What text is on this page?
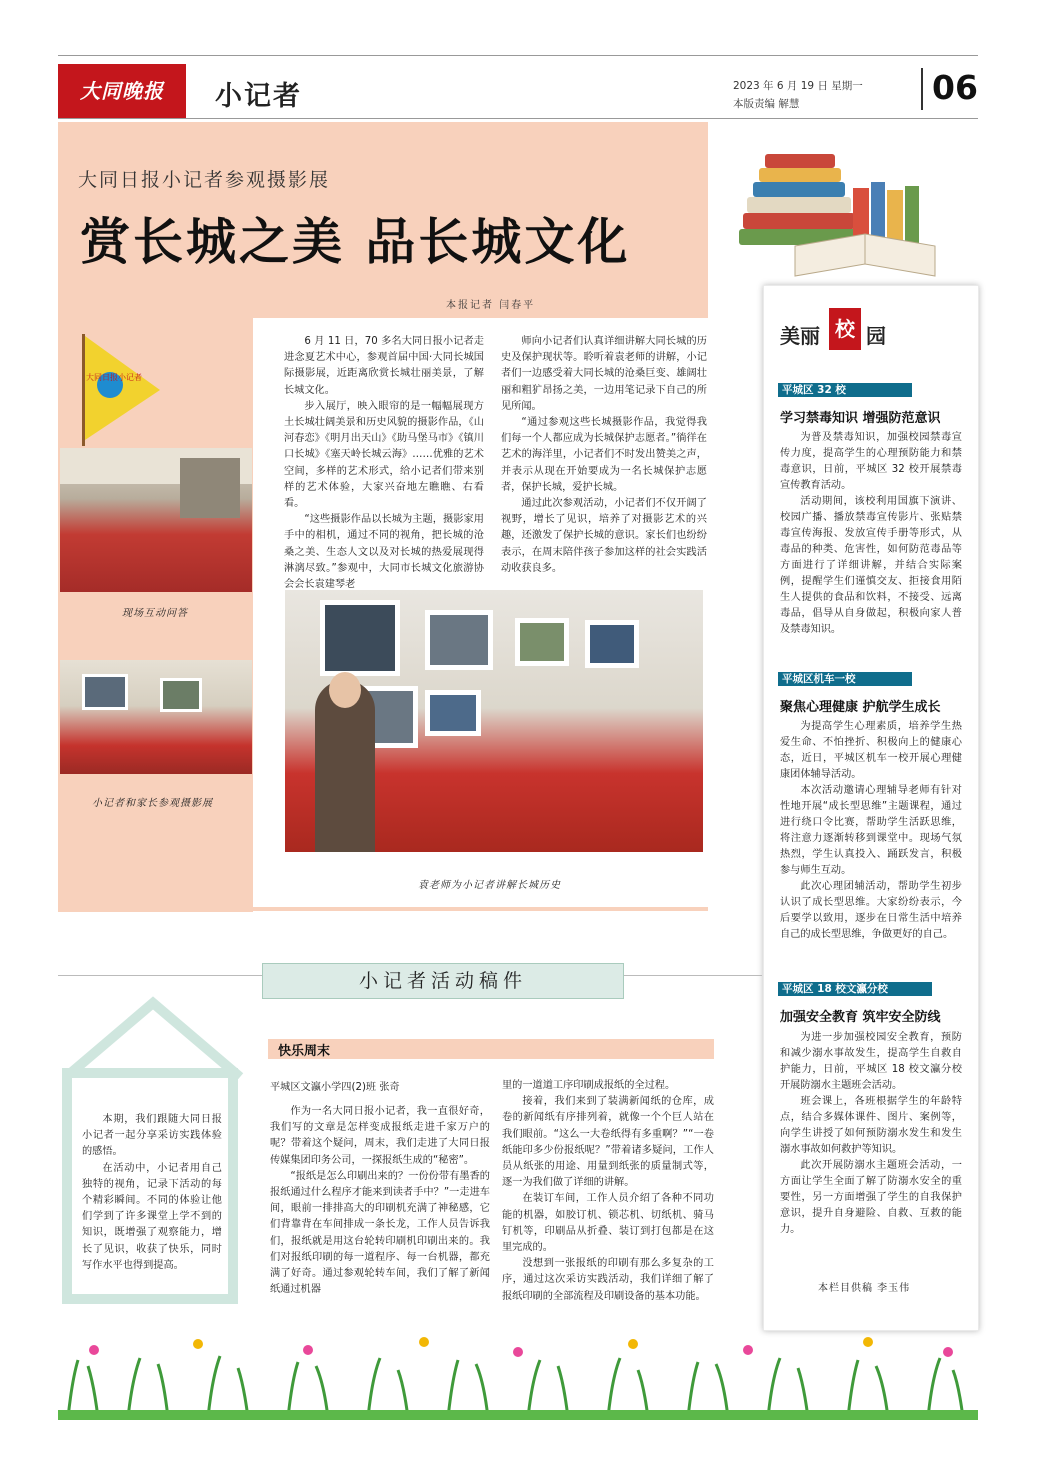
大同晚报	小记者	2023 年 6 月 19 日 星期一
本版责编 解慧	06
大同日报小记者参观摄影展
赏长城之美 品长城文化
本报记者 闫春平
大同日报小记者
现场互动问答
小记者和家长参观摄影展

6 月 11 日，70 多名大同日报小记者走进念夏艺术中心，参观首届中国·大同长城国际摄影展，近距离欣赏长城壮丽美景，了解长城文化。

步入展厅，映入眼帘的是一幅幅展现方土长城壮阔美景和历史风貌的摄影作品，《山河春恋》《明月出天山》《助马堡马市》《镇川口长城》《塞天岭长城云海》……优雅的艺术空间，多样的艺术形式，给小记者们带来别样的艺术体验，大家兴奋地左瞧瞧、右看看。

“这些摄影作品以长城为主题，摄影家用手中的相机，通过不同的视角，把长城的沧桑之美、生态人文以及对长城的热爱展现得淋漓尽致。”参观中，大同市长城文化旅游协会会长袁建琴老

师向小记者们认真详细讲解大同长城的历史及保护现状等。聆听着袁老师的讲解，小记者们一边感受着大同长城的沧桑巨变、雄阔壮丽和粗犷昂扬之美，一边用笔记录下自己的所见所闻。

“通过参观这些长城摄影作品，我觉得我们每一个人都应成为长城保护志愿者。”徜徉在艺术的海洋里，小记者们不时发出赞美之声，并表示从现在开始要成为一名长城保护志愿者，保护长城，爱护长城。

通过此次参观活动，小记者们不仅开阔了视野，增长了见识，培养了对摄影艺术的兴趣，还激发了保护长城的意识。家长们也纷纷表示，在周末陪伴孩子参加这样的社会实践活动收获良多。

袁老师为小记者讲解长城历史
美丽 校 园
平城区 32 校
学习禁毒知识 增强防范意识

为普及禁毒知识，加强校园禁毒宣传力度，提高学生的心理预防能力和禁毒意识，日前，平城区 32 校开展禁毒宣传教育活动。

活动期间，该校利用国旗下演讲、校园广播、播放禁毒宣传影片、张贴禁毒宣传海报、发放宣传手册等形式，从毒品的种类、危害性，如何防范毒品等方面进行了详细讲解，并结合实际案例，提醒学生们谨慎交友、拒接食用陌生人提供的食品和饮料，不接受、远离毒品，倡导从自身做起，积极向家人普及禁毒知识。

平城区机车一校
聚焦心理健康 护航学生成长

为提高学生心理素质，培养学生热爱生命、不怕挫折、积极向上的健康心态，近日，平城区机车一校开展心理健康团体辅导活动。

本次活动邀请心理辅导老师有针对性地开展“成长型思维”主题课程，通过进行绕口令比赛，帮助学生活跃思维，将注意力逐渐转移到课堂中。现场气氛热烈，学生认真投入、踊跃发言，积极参与师生互动。

此次心理团辅活动，帮助学生初步认识了成长型思维。大家纷纷表示，今后要学以致用，逐步在日常生活中培养自己的成长型思维，争做更好的自己。

平城区 18 校文瀛分校
加强安全教育 筑牢安全防线

为进一步加强校园安全教育，预防和减少溺水事故发生，提高学生自救自护能力，日前，平城区 18 校文瀛分校开展防溺水主题班会活动。

班会课上，各班根据学生的年龄特点，结合多媒体课件、图片、案例等，向学生讲授了如何预防溺水发生和发生溺水事故如何救护等知识。

此次开展防溺水主题班会活动，一方面让学生全面了解了防溺水安全的重要性，另一方面增强了学生的自我保护意识，提升自身避险、自救、互救的能力。

本栏目供稿 李玉伟
小记者活动稿件

本期，我们跟随大同日报小记者一起分享采访实践体验的感悟。

在活动中，小记者用自己独特的视角，记录下活动的每个精彩瞬间。不同的体验让他们学到了许多课堂上学不到的知识，既增强了观察能力，增长了见识，收获了快乐，同时写作水平也得到提高。

快乐周末
平城区文瀛小学四(2)班 张奇

作为一名大同日报小记者，我一直很好奇，我们写的文章是怎样变成报纸走进千家万户的呢？带着这个疑问，周末，我们走进了大同日报传媒集团印务公司，一探报纸生成的“秘密”。

“报纸是怎么印刷出来的？一份份带有墨香的报纸通过什么程序才能来到读者手中？”一走进车间，眼前一排排高大的印刷机充满了神秘感，它们背靠背在车间排成一条长龙，工作人员告诉我们，报纸就是用这台轮转印刷机印刷出来的。我们对报纸印刷的每一道程序、每一台机器，都充满了好奇。通过参观轮转车间，我们了解了新闻纸通过机器

里的一道道工序印刷成报纸的全过程。

接着，我们来到了装满新闻纸的仓库，成卷的新闻纸有序排列着，就像一个个巨人站在我们眼前。“这么一大卷纸得有多重啊？”“一卷纸能印多少份报纸呢？”带着诸多疑问，工作人员从纸张的用途、用量到纸张的质量制式等，逐一为我们做了详细的讲解。

在装订车间，工作人员介绍了各种不同功能的机器，如胶订机、锁芯机、切纸机、骑马钉机等，印刷品从折叠、装订到打包都是在这里完成的。

没想到一张报纸的印刷有那么多复杂的工序，通过这次采访实践活动，我们详细了解了报纸印刷的全部流程及印刷设备的基本功能。
